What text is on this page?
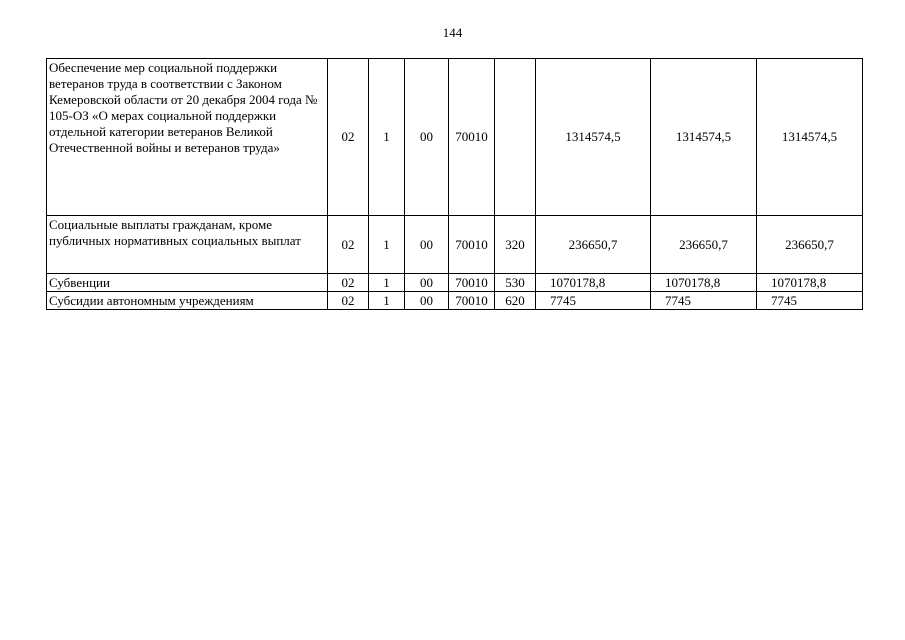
144
Обеспечение мер социальной поддержки ветеранов труда в соответствии с Законом Кемеровской области от 20 декабря 2004 года № 105-ОЗ «О мерах социальной поддержки отдельной категории ветеранов Великой Отечественной войны и ветеранов труда»	02	1	00	70010		1314574,5	1314574,5	1314574,5
Социальные выплаты гражданам, кроме публичных нормативных социальных выплат	02	1	00	70010	320	236650,7	236650,7	236650,7
Субвенции	02	1	00	70010	530	1070178,8	1070178,8	1070178,8
Субсидии автономным учреждениям	02	1	00	70010	620	7745	7745	7745
